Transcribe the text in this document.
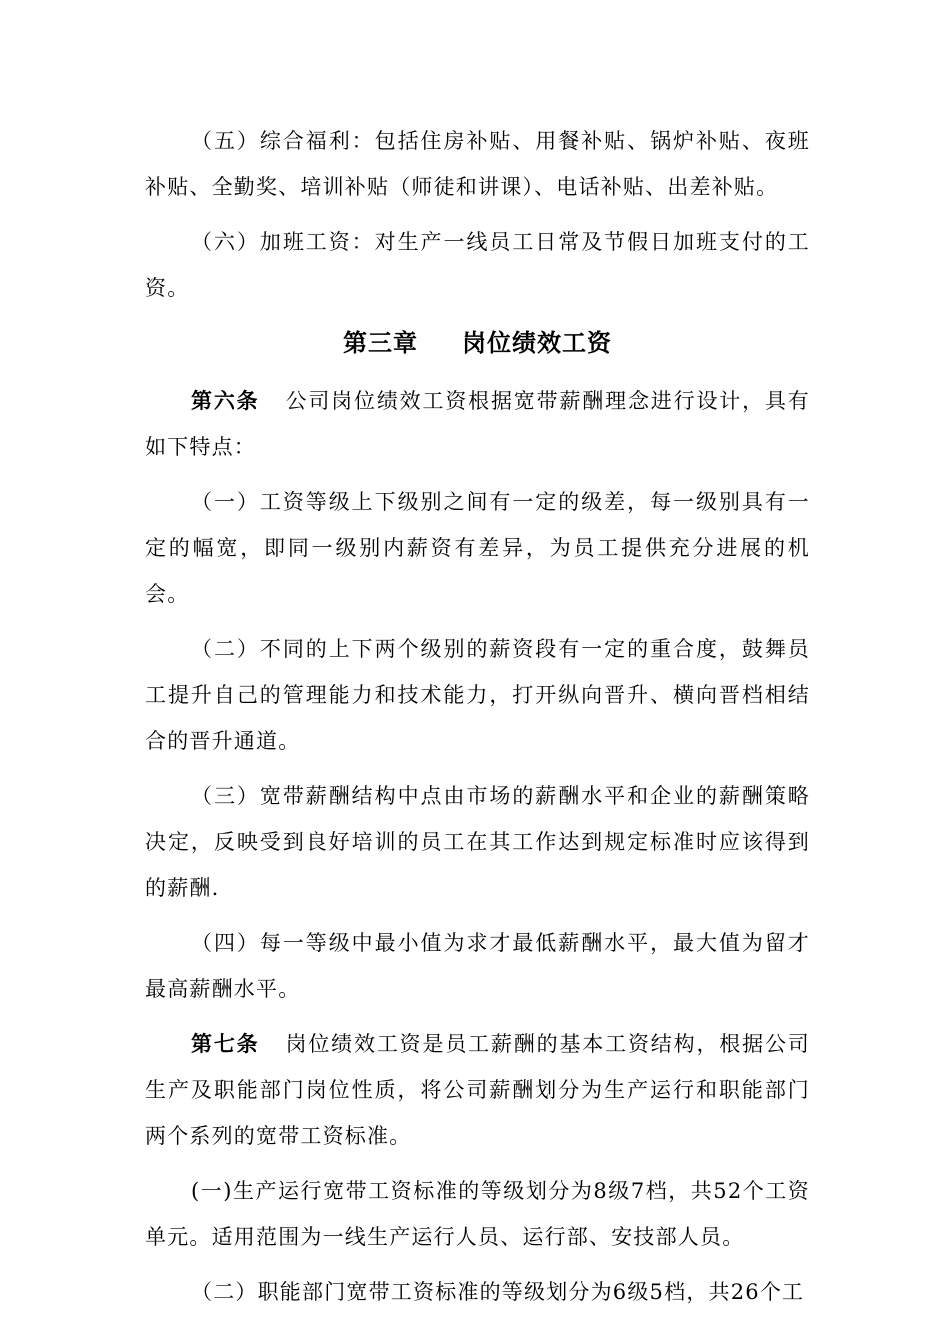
（五）综合福利：包括住房补贴、用餐补贴、锅炉补贴、夜班补贴、全勤奖、培训补贴（师徒和讲课）、电话补贴、出差补贴。

（六）加班工资：对生产一线员工日常及节假日加班支付的工资。

第三章 岗位绩效工资

第六条 公司岗位绩效工资根据宽带薪酬理念进行设计，具有如下特点：

（一）工资等级上下级别之间有一定的级差，每一级别具有一定的幅宽，即同一级别内薪资有差异，为员工提供充分进展的机会。

（二）不同的上下两个级别的薪资段有一定的重合度，鼓舞员工提升自己的管理能力和技术能力，打开纵向晋升、横向晋档相结合的晋升通道。

（三）宽带薪酬结构中点由市场的薪酬水平和企业的薪酬策略决定，反映受到良好培训的员工在其工作达到规定标准时应该得到的薪酬.

（四）每一等级中最小值为求才最低薪酬水平，最大值为留才最高薪酬水平。

第七条 岗位绩效工资是员工薪酬的基本工资结构，根据公司生产及职能部门岗位性质，将公司薪酬划分为生产运行和职能部门两个系列的宽带工资标准。

(一)生产运行宽带工资标准的等级划分为8级7档，共52个工资单元。适用范围为一线生产运行人员、运行部、安技部人员。

（二）职能部门宽带工资标准的等级划分为6级5档，共26个工
